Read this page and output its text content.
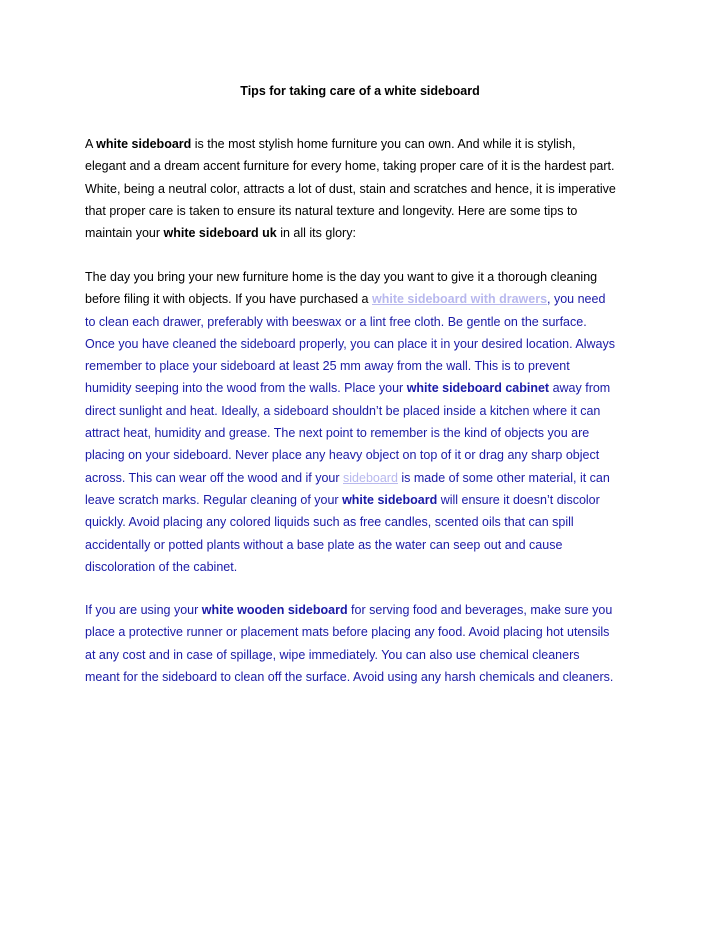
Tips for taking care of a white sideboard

A white sideboard is the most stylish home furniture you can own. And while it is stylish,
elegant and a dream accent furniture for every home, taking proper care of it is the hardest part.
White, being a neutral color, attracts a lot of dust, stain and scratches and hence, it is imperative
that proper care is taken to ensure its natural texture and longevity. Here are some tips to
maintain your white sideboard uk in all its glory:

The day you bring your new furniture home is the day you want to give it a thorough cleaning
before filing it with objects. If you have purchased a white sideboard with drawers, you need
to clean each drawer, preferably with beeswax or a lint free cloth. Be gentle on the surface.
Once you have cleaned the sideboard properly, you can place it in your desired location. Always
remember to place your sideboard at least 25 mm away from the wall. This is to prevent
humidity seeping into the wood from the walls. Place your white sideboard cabinet away from
direct sunlight and heat. Ideally, a sideboard shouldn’t be placed inside a kitchen where it can
attract heat, humidity and grease. The next point to remember is the kind of objects you are
placing on your sideboard. Never place any heavy object on top of it or drag any sharp object
across. This can wear off the wood and if your sideboard is made of some other material, it can
leave scratch marks. Regular cleaning of your white sideboard will ensure it doesn’t discolor
quickly. Avoid placing any colored liquids such as free candles, scented oils that can spill
accidentally or potted plants without a base plate as the water can seep out and cause
discoloration of the cabinet.

If you are using your white wooden sideboard for serving food and beverages, make sure you
place a protective runner or placement mats before placing any food. Avoid placing hot utensils
at any cost and in case of spillage, wipe immediately. You can also use chemical cleaners
meant for the sideboard to clean off the surface. Avoid using any harsh chemicals and cleaners.
